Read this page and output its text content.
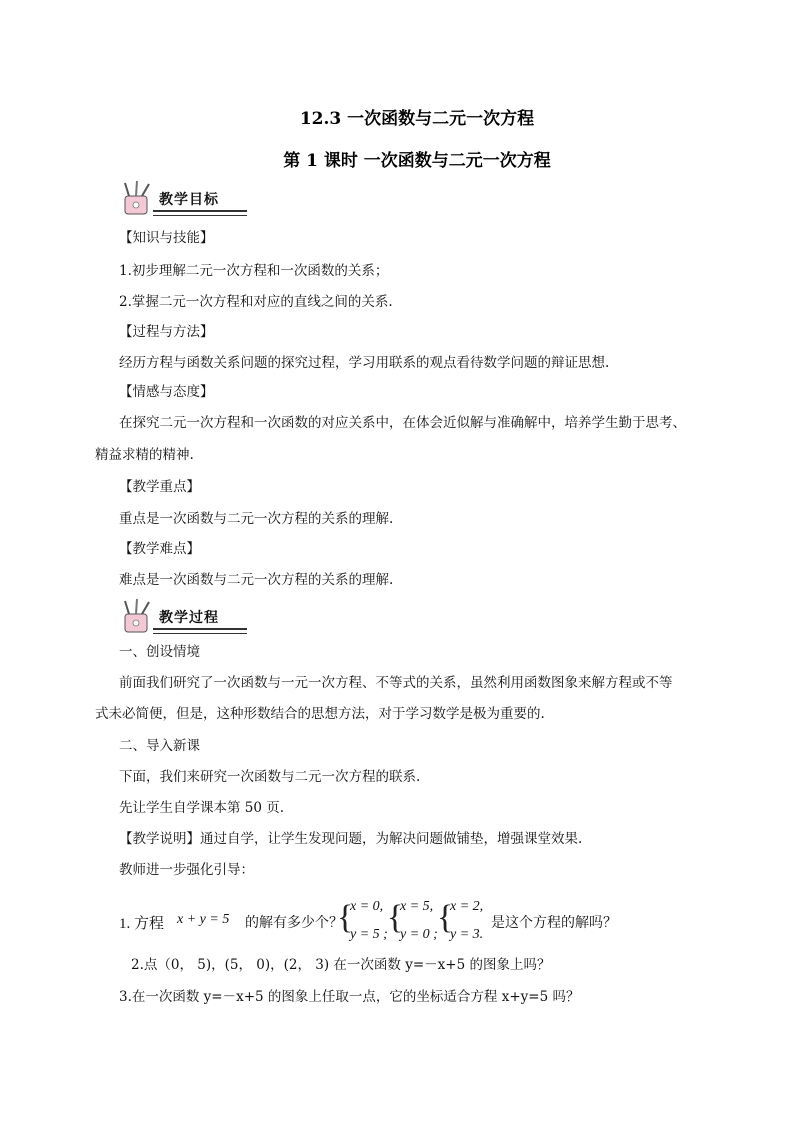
12.3 一次函数与二元一次方程
第 1 课时 一次函数与二元一次方程
教学目标
【知识与技能】
1.初步理解二元一次方程和一次函数的关系；
2.掌握二元一次方程和对应的直线之间的关系.
【过程与方法】
经历方程与函数关系问题的探究过程，学习用联系的观点看待数学问题的辩证思想.
【情感与态度】
在探究二元一次方程和一次函数的对应关系中，在体会近似解与准确解中，培养学生勤于思考、
精益求精的精神.
【教学重点】
重点是一次函数与二元一次方程的关系的理解.
【教学难点】
难点是一次函数与二元一次方程的关系的理解.
教学过程
一、创设情境
前面我们研究了一次函数与一元一次方程、不等式的关系，虽然利用函数图象来解方程或不等
式未必简便，但是，这种形数结合的思想方法，对于学习数学是极为重要的.
二、导入新课
下面，我们来研究一次函数与二元一次方程的联系.
先让学生自学课本第 50 页.
【教学说明】通过自学，让学生发现问题，为解决问题做铺垫，增强课堂效果.
教师进一步强化引导：
1. 方程 x + y = 5 的解有多少个？
{
x = 0,
y = 5 ; {
x = 5,
y = 0 ; {
x = 2,
y = 3.
是这个方程的解吗？
2.点（0， 5)，(5， 0)，(2， 3) 在一次函数 y=－x+5 的图象上吗？
3.在一次函数 y=－x+5 的图象上任取一点，它的坐标适合方程 x+y=5 吗？
